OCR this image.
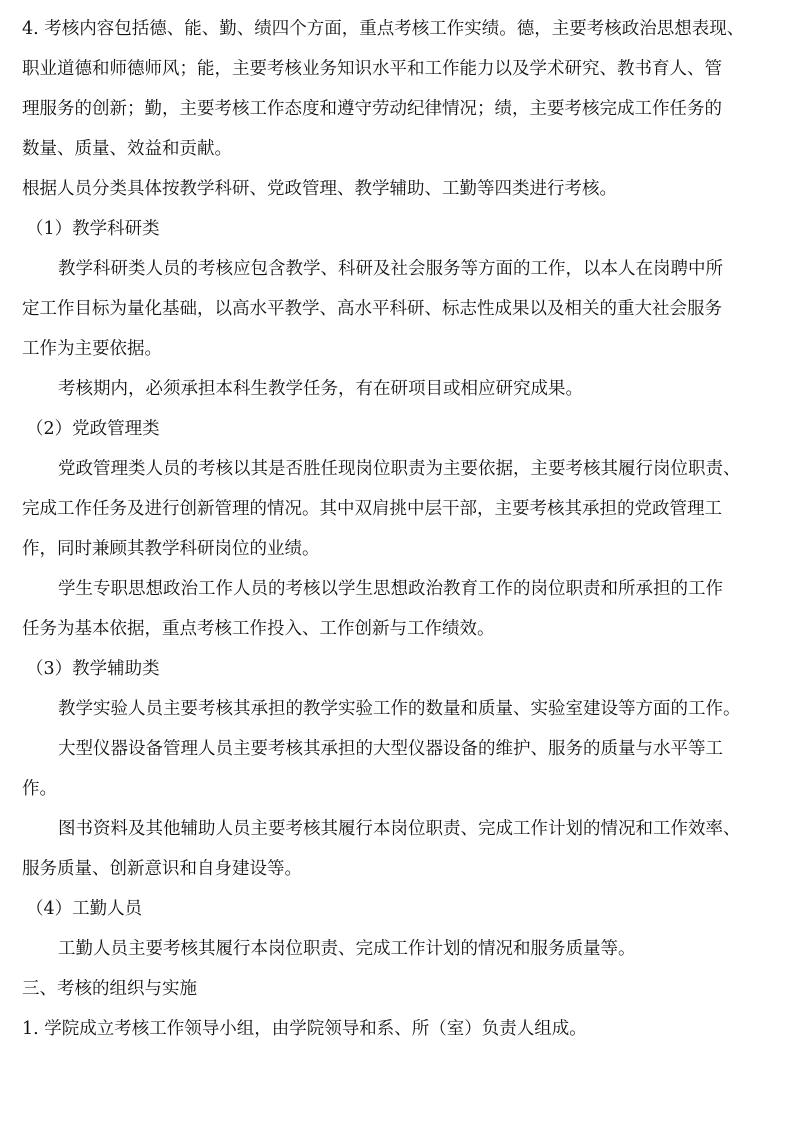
4. 考核内容包括德、能、勤、绩四个方面，重点考核工作实绩。德，主要考核政治思想表现、
职业道德和师德师风；能，主要考核业务知识水平和工作能力以及学术研究、教书育人、管
理服务的创新；勤，主要考核工作态度和遵守劳动纪律情况；绩，主要考核完成工作任务的
数量、质量、效益和贡献。
根据人员分类具体按教学科研、党政管理、教学辅助、工勤等四类进行考核。
（1）教学科研类
教学科研类人员的考核应包含教学、科研及社会服务等方面的工作，以本人在岗聘中所
定工作目标为量化基础，以高水平教学、高水平科研、标志性成果以及相关的重大社会服务
工作为主要依据。
考核期内，必须承担本科生教学任务，有在研项目或相应研究成果。
（2）党政管理类
党政管理类人员的考核以其是否胜任现岗位职责为主要依据，主要考核其履行岗位职责、
完成工作任务及进行创新管理的情况。其中双肩挑中层干部，主要考核其承担的党政管理工
作，同时兼顾其教学科研岗位的业绩。
学生专职思想政治工作人员的考核以学生思想政治教育工作的岗位职责和所承担的工作
任务为基本依据，重点考核工作投入、工作创新与工作绩效。
（3）教学辅助类
教学实验人员主要考核其承担的教学实验工作的数量和质量、实验室建设等方面的工作。
大型仪器设备管理人员主要考核其承担的大型仪器设备的维护、服务的质量与水平等工
作。
图书资料及其他辅助人员主要考核其履行本岗位职责、完成工作计划的情况和工作效率、
服务质量、创新意识和自身建设等。
（4）工勤人员
工勤人员主要考核其履行本岗位职责、完成工作计划的情况和服务质量等。
三、考核的组织与实施
1. 学院成立考核工作领导小组，由学院领导和系、所（室）负责人组成。
